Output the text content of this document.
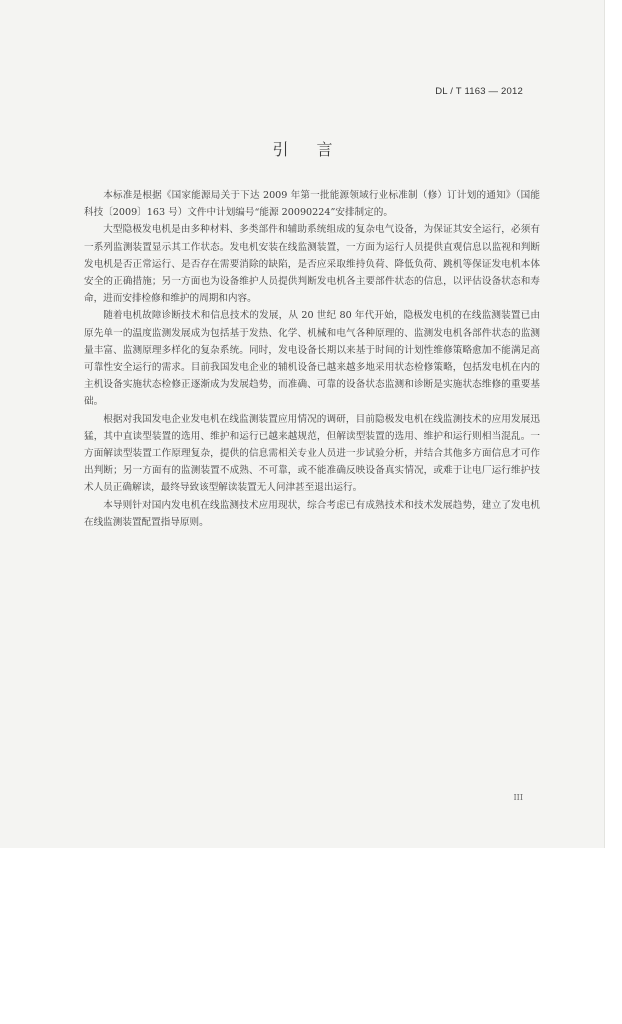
DL / T 1163 — 2012
引言

本标准是根据《国家能源局关于下达 2009 年第一批能源领域行业标准制（修）订计划的通知》（国能科技〔2009〕163 号）文件中计划编号“能源 20090224”安排制定的。

大型隐极发电机是由多种材料、多类部件和辅助系统组成的复杂电气设备，为保证其安全运行，必须有一系列监测装置显示其工作状态。发电机安装在线监测装置，一方面为运行人员提供直观信息以监视和判断发电机是否正常运行、是否存在需要消除的缺陷，是否应采取维持负荷、降低负荷、跳机等保证发电机本体安全的正确措施；另一方面也为设备维护人员提供判断发电机各主要部件状态的信息，以评估设备状态和寿命，进而安排检修和维护的周期和内容。

随着电机故障诊断技术和信息技术的发展，从 20 世纪 80 年代开始，隐极发电机的在线监测装置已由原先单一的温度监测发展成为包括基于发热、化学、机械和电气各种原理的、监测发电机各部件状态的监测量丰富、监测原理多样化的复杂系统。同时，发电设备长期以来基于时间的计划性维修策略愈加不能满足高可靠性安全运行的需求。目前我国发电企业的辅机设备已越来越多地采用状态检修策略，包括发电机在内的主机设备实施状态检修正逐渐成为发展趋势，而准确、可靠的设备状态监测和诊断是实施状态维修的重要基础。

根据对我国发电企业发电机在线监测装置应用情况的调研，目前隐极发电机在线监测技术的应用发展迅猛，其中直读型装置的选用、维护和运行已越来越规范，但解读型装置的选用、维护和运行则相当混乱。一方面解读型装置工作原理复杂，提供的信息需相关专业人员进一步试验分析，并结合其他多方面信息才可作出判断；另一方面有的监测装置不成熟、不可靠，或不能准确反映设备真实情况，或难于让电厂运行维护技术人员正确解读，最终导致该型解读装置无人问津甚至退出运行。

本导则针对国内发电机在线监测技术应用现状，综合考虑已有成熟技术和技术发展趋势，建立了发电机在线监测装置配置指导原则。

III
